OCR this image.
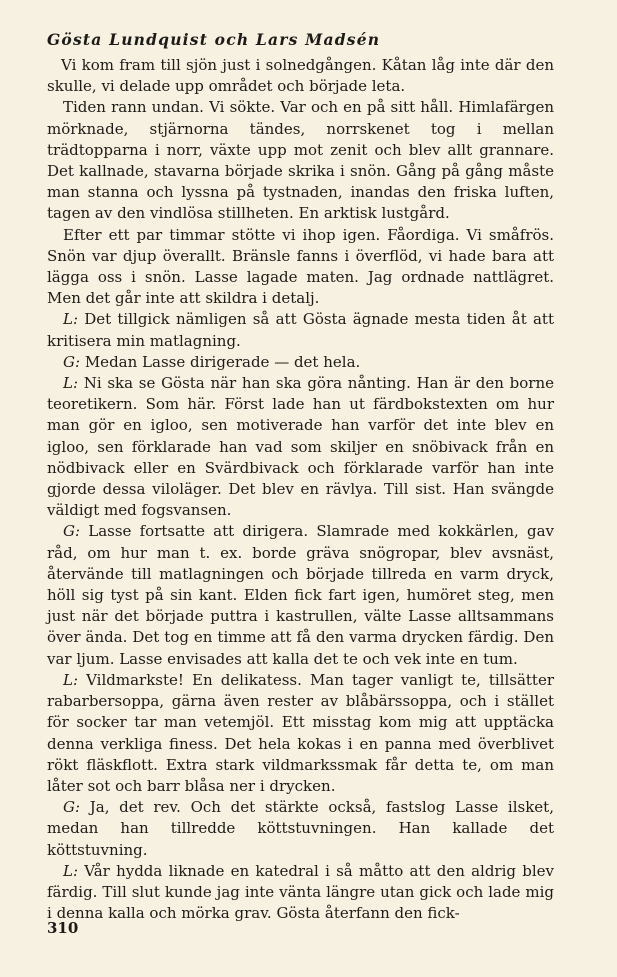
Gösta Lundquist och Lars Madsén

Vi kom fram till sjön just i solnedgången. Kåtan låg inte där den skulle, vi delade upp området och började leta.

Tiden rann undan. Vi sökte. Var och en på sitt håll. Himlafärgen mörknade, stjärnorna tändes, norrskenet tog i mellan trädtopparna i norr, växte upp mot zenit och blev allt grannare. Det kallnade, stavarna började skrika i snön. Gång på gång måste man stanna och lyssna på tystnaden, inandas den friska luften, tagen av den vindlösa stillheten. En arktisk lustgård.

Efter ett par timmar stötte vi ihop igen. Fåordiga. Vi småfrös. Snön var djup överallt. Bränsle fanns i överflöd, vi hade bara att lägga oss i snön. Lasse lagade maten. Jag ordnade nattlägret. Men det går inte att skildra i detalj.

L: Det tillgick nämligen så att Gösta ägnade mesta tiden åt att kritisera min matlagning.

G: Medan Lasse dirigerade — det hela.

L: Ni ska se Gösta när han ska göra nånting. Han är den borne teoretikern. Som här. Först lade han ut färdbokstexten om hur man gör en igloo, sen motiverade han varför det inte blev en igloo, sen förklarade han vad som skiljer en snöbivack från en nödbivack eller en Svärdbivack och förklarade varför han inte gjorde dessa viloläger. Det blev en rävlya. Till sist. Han svängde väldigt med fogsvansen.

G: Lasse fortsatte att dirigera. Slamrade med kokkärlen, gav råd, om hur man t. ex. borde gräva snögropar, blev avsnäst, återvände till matlagningen och började tillreda en varm dryck, höll sig tyst på sin kant. Elden fick fart igen, humöret steg, men just när det började puttra i kastrullen, välte Lasse alltsammans över ända. Det tog en timme att få den varma drycken färdig. Den var ljum. Lasse envisades att kalla det te och vek inte en tum.

L: Vildmarkste! En delikatess. Man tager vanligt te, tillsätter rabarbersoppa, gärna även rester av blåbärssoppa, och i stället för socker tar man vetemjöl. Ett misstag kom mig att upptäcka denna verkliga finess. Det hela kokas i en panna med överblivet rökt fläskflott. Extra stark vildmarkssmak får detta te, om man låter sot och barr blåsa ner i drycken.

G: Ja, det rev. Och det stärkte också, fastslog Lasse ilsket, medan han tillredde köttstuvningen. Han kallade det köttstuvning.

L: Vår hydda liknade en katedral i så måtto att den aldrig blev färdig. Till slut kunde jag inte vänta längre utan gick och lade mig i denna kalla och mörka grav. Gösta återfann den fick-

310
